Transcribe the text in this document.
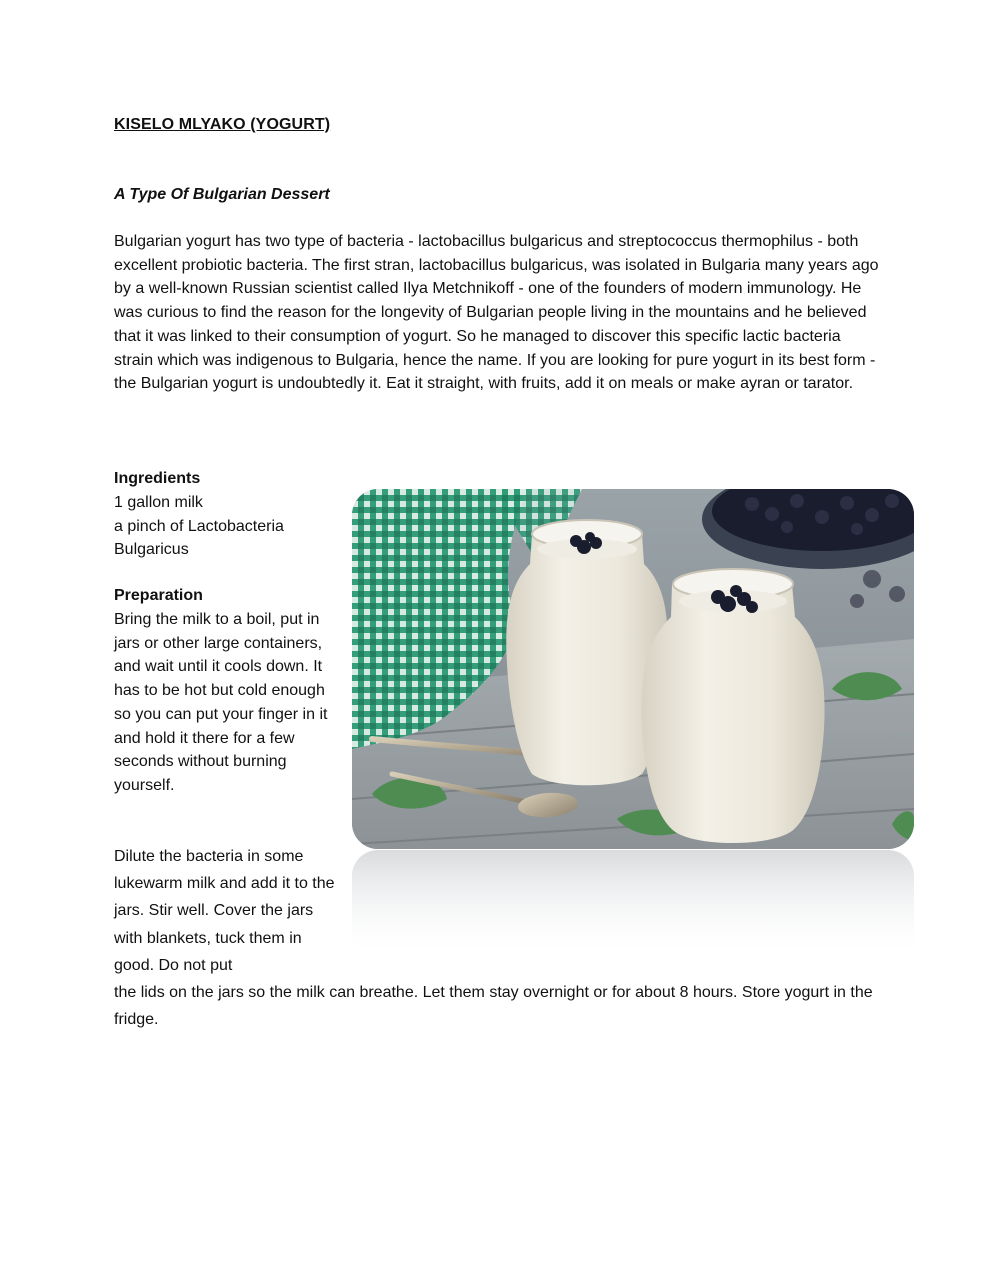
KISELO MLYAKO (YOGURT)
A Type Of Bulgarian Dessert

Bulgarian yogurt has two type of bacteria - lactobacillus bulgaricus and streptococcus thermophilus - both excellent probiotic bacteria. The first stran, lactobacillus bulgaricus, was isolated in Bulgaria many years ago by a well-known Russian scientist called Ilya Metchnikoff - one of the founders of modern immunology. He was curious to find the reason for the longevity of Bulgarian people living in the mountains and he believed that it was linked to their consumption of yogurt. So he managed to discover this specific lactic bacteria strain which was indigenous to Bulgaria, hence the name. If you are looking for pure yogurt in its best form - the Bulgarian yogurt is undoubtedly it. Eat it straight, with fruits, add it on meals or make ayran or tarator.

Ingredients
1 gallon milk
a pinch of Lactobacteria Bulgaricus
Preparation

Bring the milk to a boil, put in jars or other large containers, and wait until it cools down. It has to be hot but cold enough so you can put your finger in it and hold it there for a few seconds without burning yourself.

Dilute the bacteria in some lukewarm milk and add it to the jars. Stir well. Cover the jars with blankets, tuck them in good. Do not put

the lids on the jars so the milk can breathe. Let them stay overnight or for about 8 hours. Store yogurt in the fridge.
